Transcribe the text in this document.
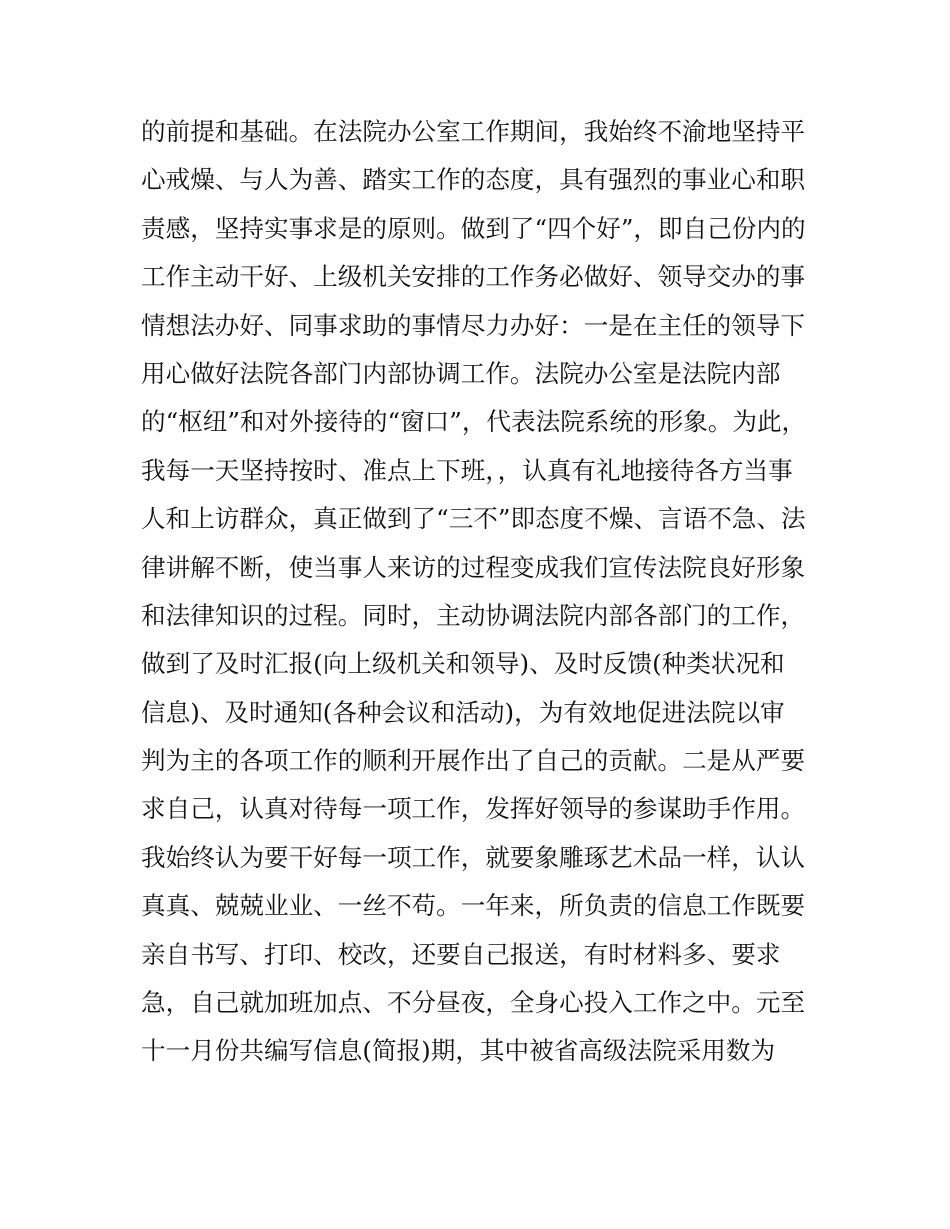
的前提和基础。在法院办公室工作期间，我始终不渝地坚持平
心戒燥、与人为善、踏实工作的态度，具有强烈的事业心和职
责感，坚持实事求是的原则。做到了“四个好”，即自己份内的
工作主动干好、上级机关安排的工作务必做好、领导交办的事
情想法办好、同事求助的事情尽力办好：一是在主任的领导下
用心做好法院各部门内部协调工作。法院办公室是法院内部
的“枢纽”和对外接待的“窗口”，代表法院系统的形象。为此，
我每一天坚持按时、准点上下班，，认真有礼地接待各方当事
人和上访群众，真正做到了“三不”即态度不燥、言语不急、法
律讲解不断，使当事人来访的过程变成我们宣传法院良好形象
和法律知识的过程。同时，主动协调法院内部各部门的工作，
做到了及时汇报(向上级机关和领导)、及时反馈(种类状况和
信息)、及时通知(各种会议和活动)，为有效地促进法院以审
判为主的各项工作的顺利开展作出了自己的贡献。二是从严要
求自己，认真对待每一项工作，发挥好领导的参谋助手作用。
我始终认为要干好每一项工作，就要象雕琢艺术品一样，认认
真真、兢兢业业、一丝不苟。一年来，所负责的信息工作既要
亲自书写、打印、校改，还要自己报送，有时材料多、要求
急，自己就加班加点、不分昼夜，全身心投入工作之中。元至
十一月份共编写信息(简报)期，其中被省高级法院采用数为
